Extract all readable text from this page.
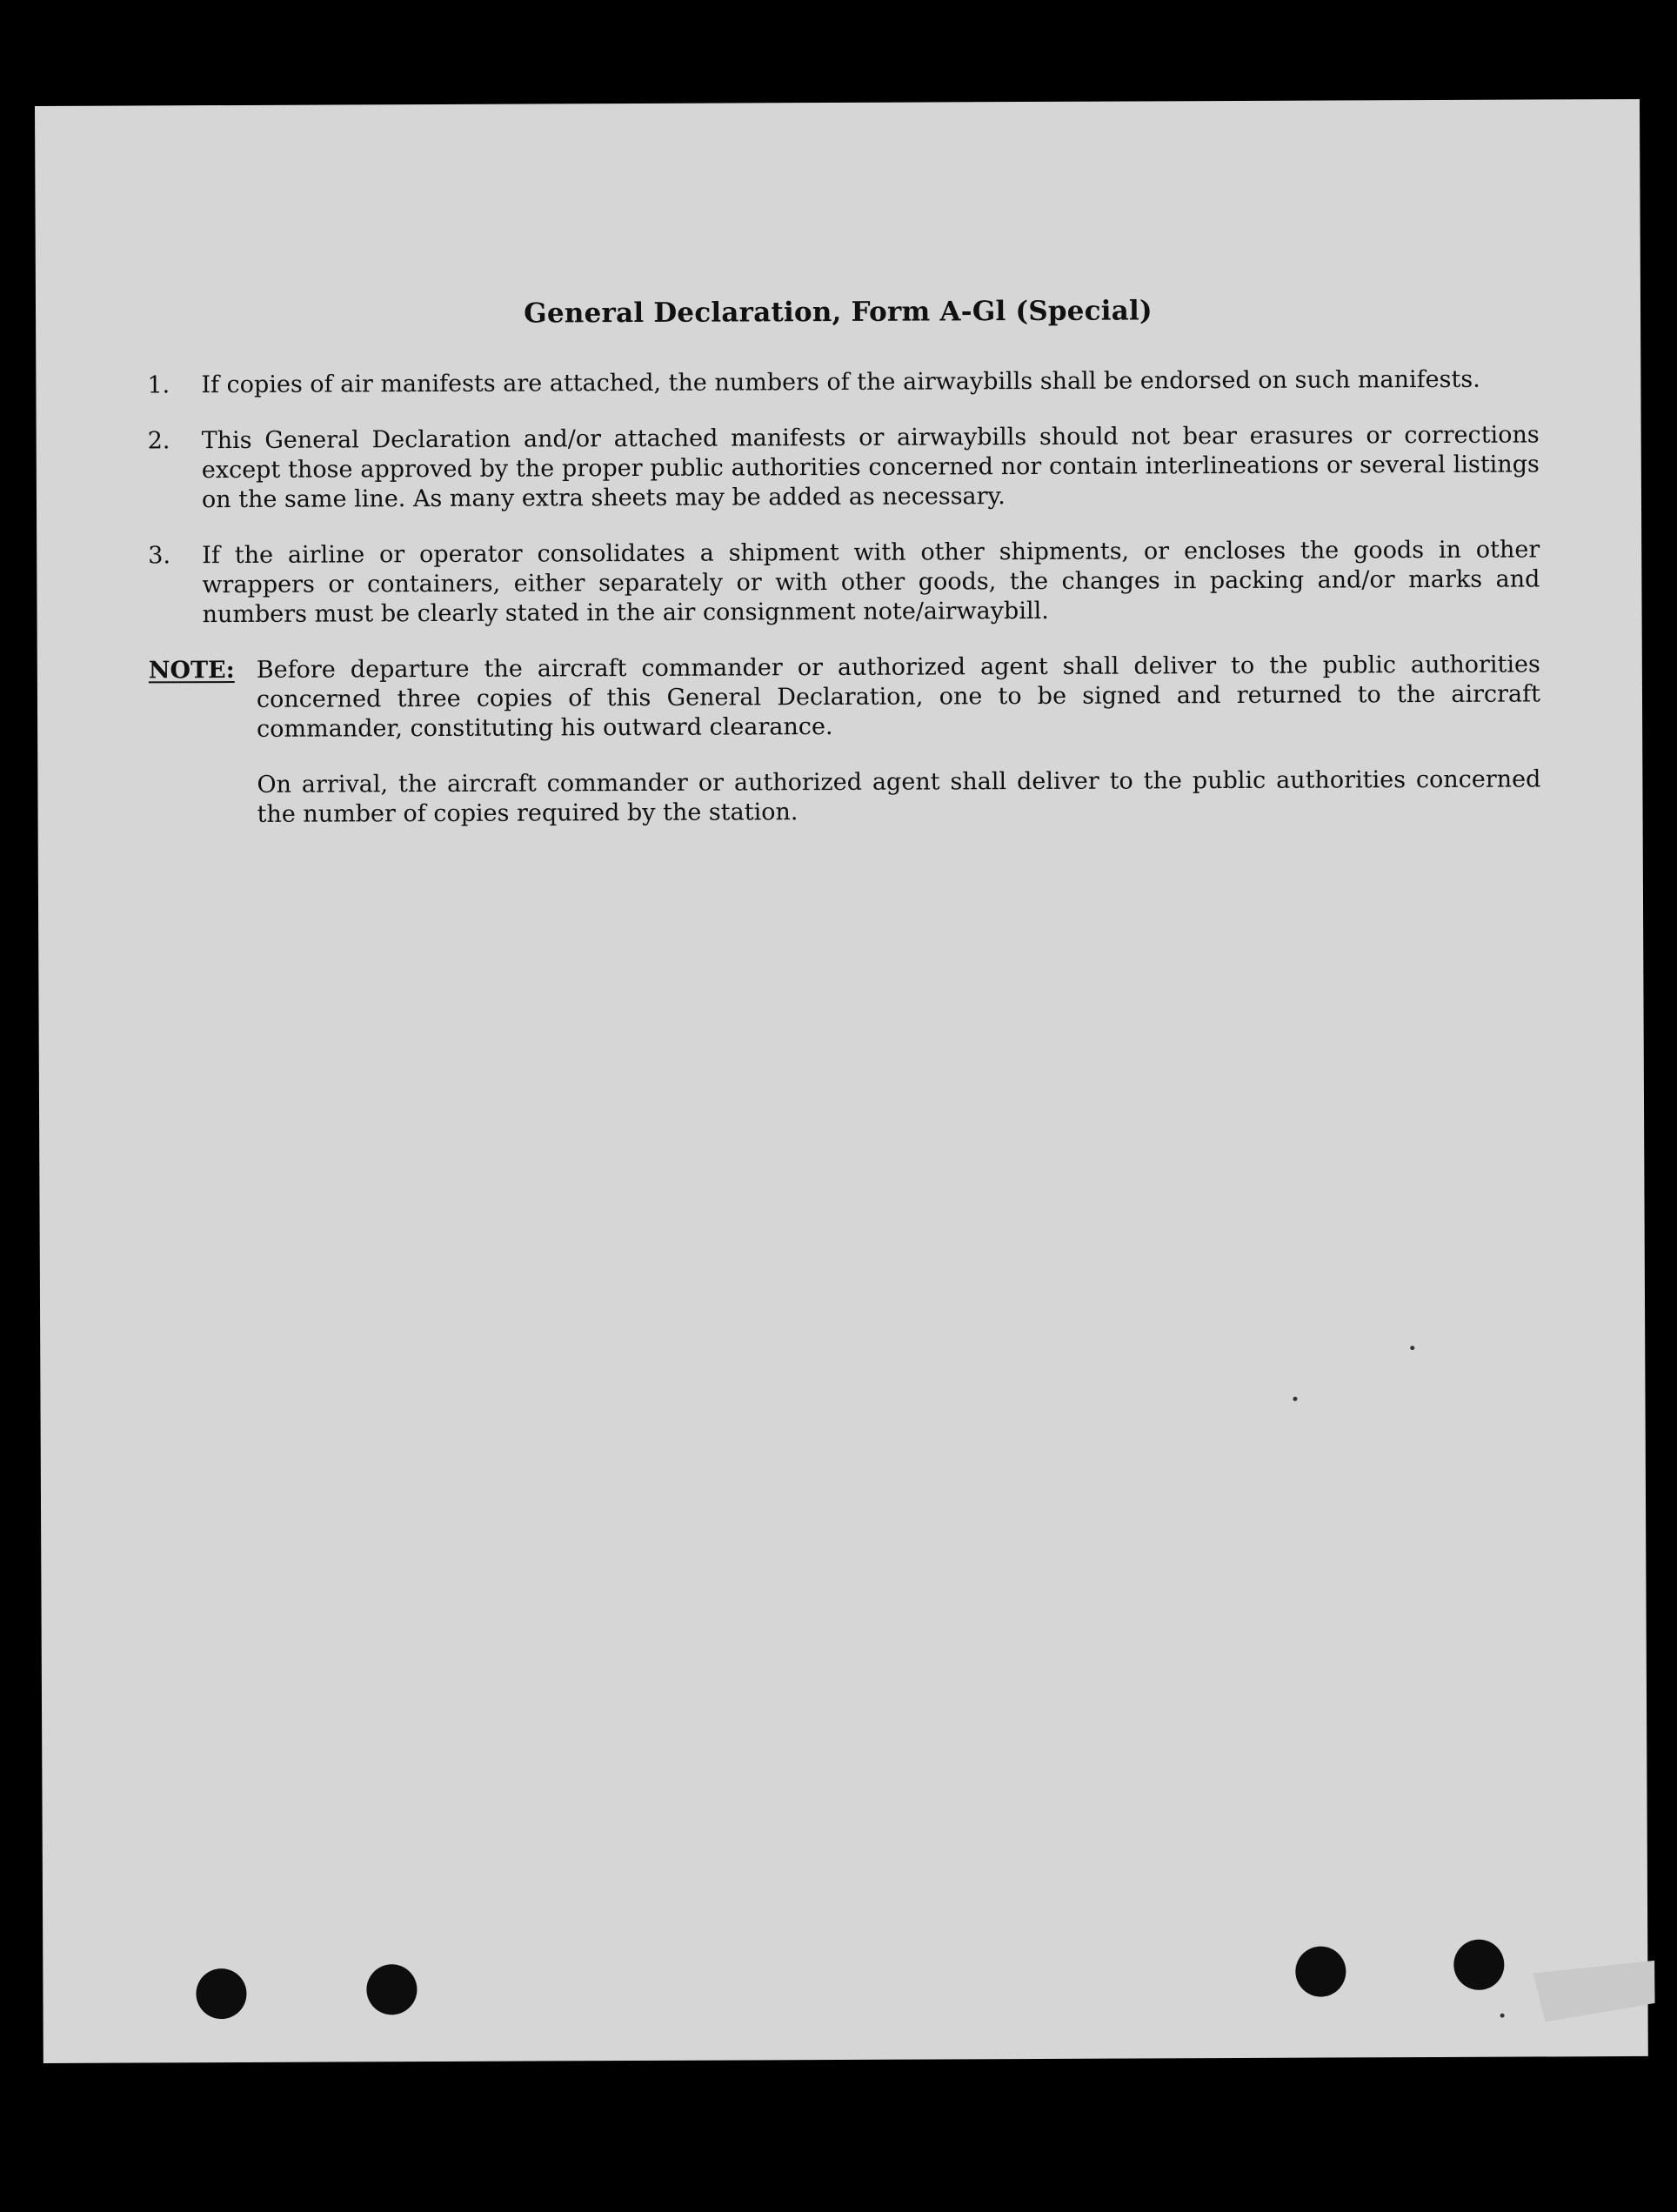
General Declaration, Form A-Gl (Special)
1. If copies of air manifests are attached, the numbers of the airwaybills shall be endorsed on such manifests.
2. This General Declaration and/or attached manifests or airwaybills should not bear erasures or corrections except those approved by the proper public authorities concerned nor contain interlineations or several listings on the same line. As many extra sheets may be added as necessary.
3. If the airline or operator consolidates a shipment with other shipments, or encloses the goods in other wrappers or containers, either separately or with other goods, the changes in packing and/or marks and numbers must be clearly stated in the air consignment note/airwaybill.
NOTE: Before departure the aircraft commander or authorized agent shall deliver to the public authorities concerned three copies of this General Declaration, one to be signed and returned to the aircraft commander, constituting his outward clearance.

On arrival, the aircraft commander or authorized agent shall deliver to the public authorities concerned the number of copies required by the station.
